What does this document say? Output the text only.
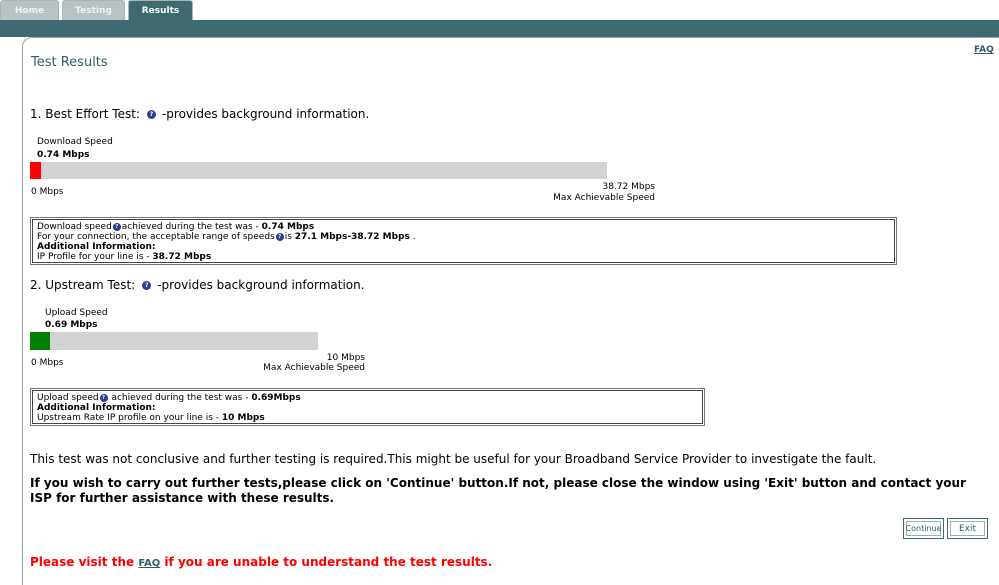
Home	Testing	Results
FAQ
Test Results
1. Best Effort Test:	? -provides background information.
Download Speed
0.74 Mbps
0 Mbps	38.72 Mbps
Max Achievable Speed
Download speed ? achieved during the test was - 0.74 Mbps
For your connection, the acceptable range of speeds ? is 27.1 Mbps-38.72 Mbps .
Additional Information:
IP Profile for your line is - 38.72 Mbps
2. Upstream Test:	? -provides background information.
Upload Speed
0.69 Mbps
0 Mbps	10 Mbps
Max Achievable Speed
Upload speed ? achieved during the test was - 0.69Mbps
Additional Information:
Upstream Rate IP profile on your line is - 10 Mbps
This test was not conclusive and further testing is required.This might be useful for your Broadband Service Provider to investigate the fault.
If you wish to carry out further tests,please click on 'Continue' button.If not, please close the window using 'Exit' button and contact your ISP for further assistance with these results.
Continue	Exit
Please visit the FAQ if you are unable to understand the test results.
